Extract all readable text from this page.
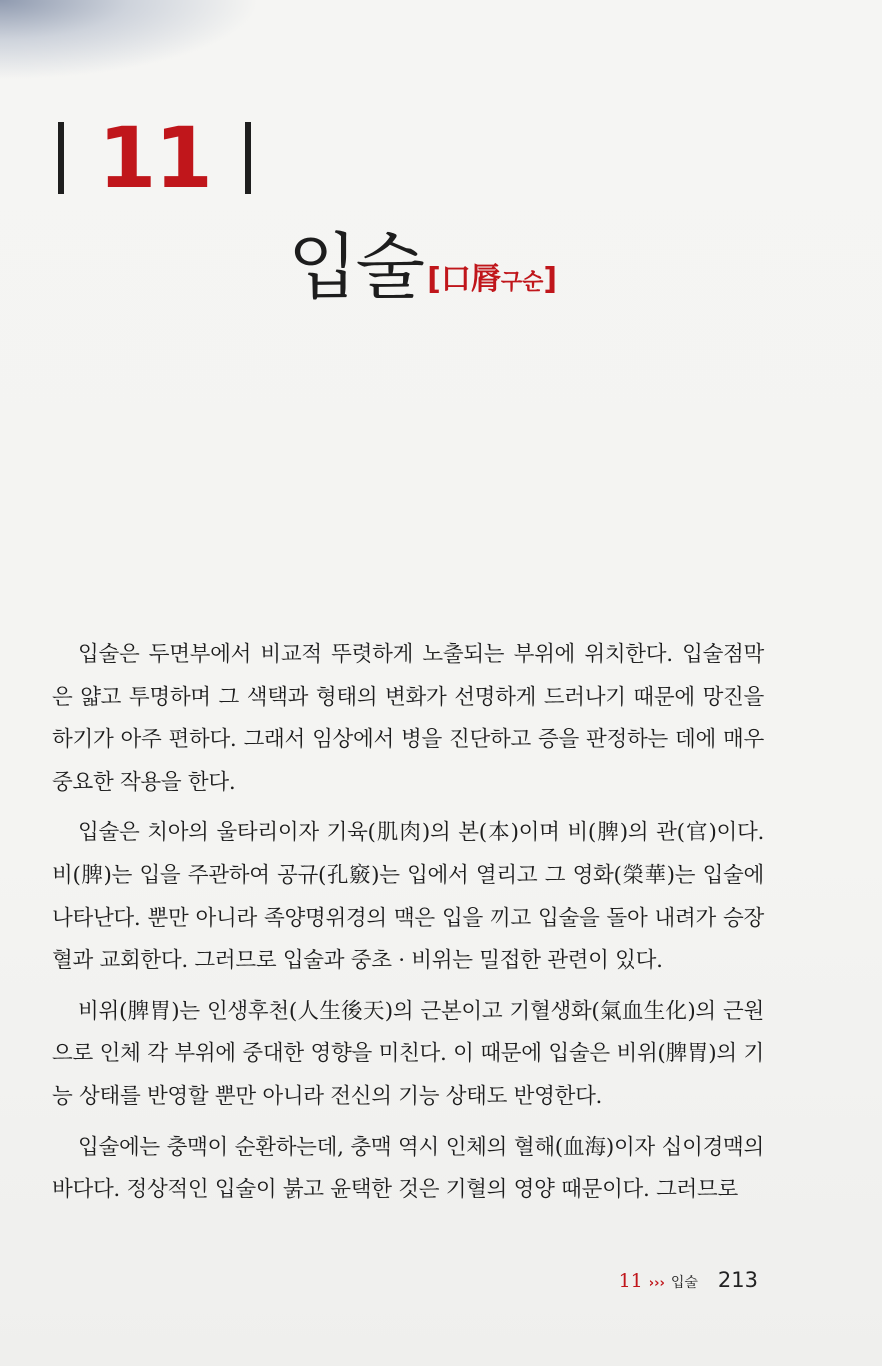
11
입술 [口脣구순]

입술은 두면부에서 비교적 뚜렷하게 노출되는 부위에 위치한다. 입술점막은 얇고 투명하며 그 색택과 형태의 변화가 선명하게 드러나기 때문에 망진을 하기가 아주 편하다. 그래서 임상에서 병을 진단하고 증을 판정하는 데에 매우 중요한 작용을 한다.

입술은 치아의 울타리이자 기육(肌肉)의 본(本)이며 비(脾)의 관(官)이다. 비(脾)는 입을 주관하여 공규(孔竅)는 입에서 열리고 그 영화(榮華)는 입술에 나타난다. 뿐만 아니라 족양명위경의 맥은 입을 끼고 입술을 돌아 내려가 승장혈과 교회한다. 그러므로 입술과 중초 · 비위는 밀접한 관련이 있다.

비위(脾胃)는 인생후천(人生後天)의 근본이고 기혈생화(氣血生化)의 근원으로 인체 각 부위에 중대한 영향을 미친다. 이 때문에 입술은 비위(脾胃)의 기능 상태를 반영할 뿐만 아니라 전신의 기능 상태도 반영한다.

입술에는 충맥이 순환하는데, 충맥 역시 인체의 혈해(血海)이자 십이경맥의 바다다. 정상적인 입술이 붉고 윤택한 것은 기혈의 영양 때문이다. 그러므로

11 ››› 입술 213
